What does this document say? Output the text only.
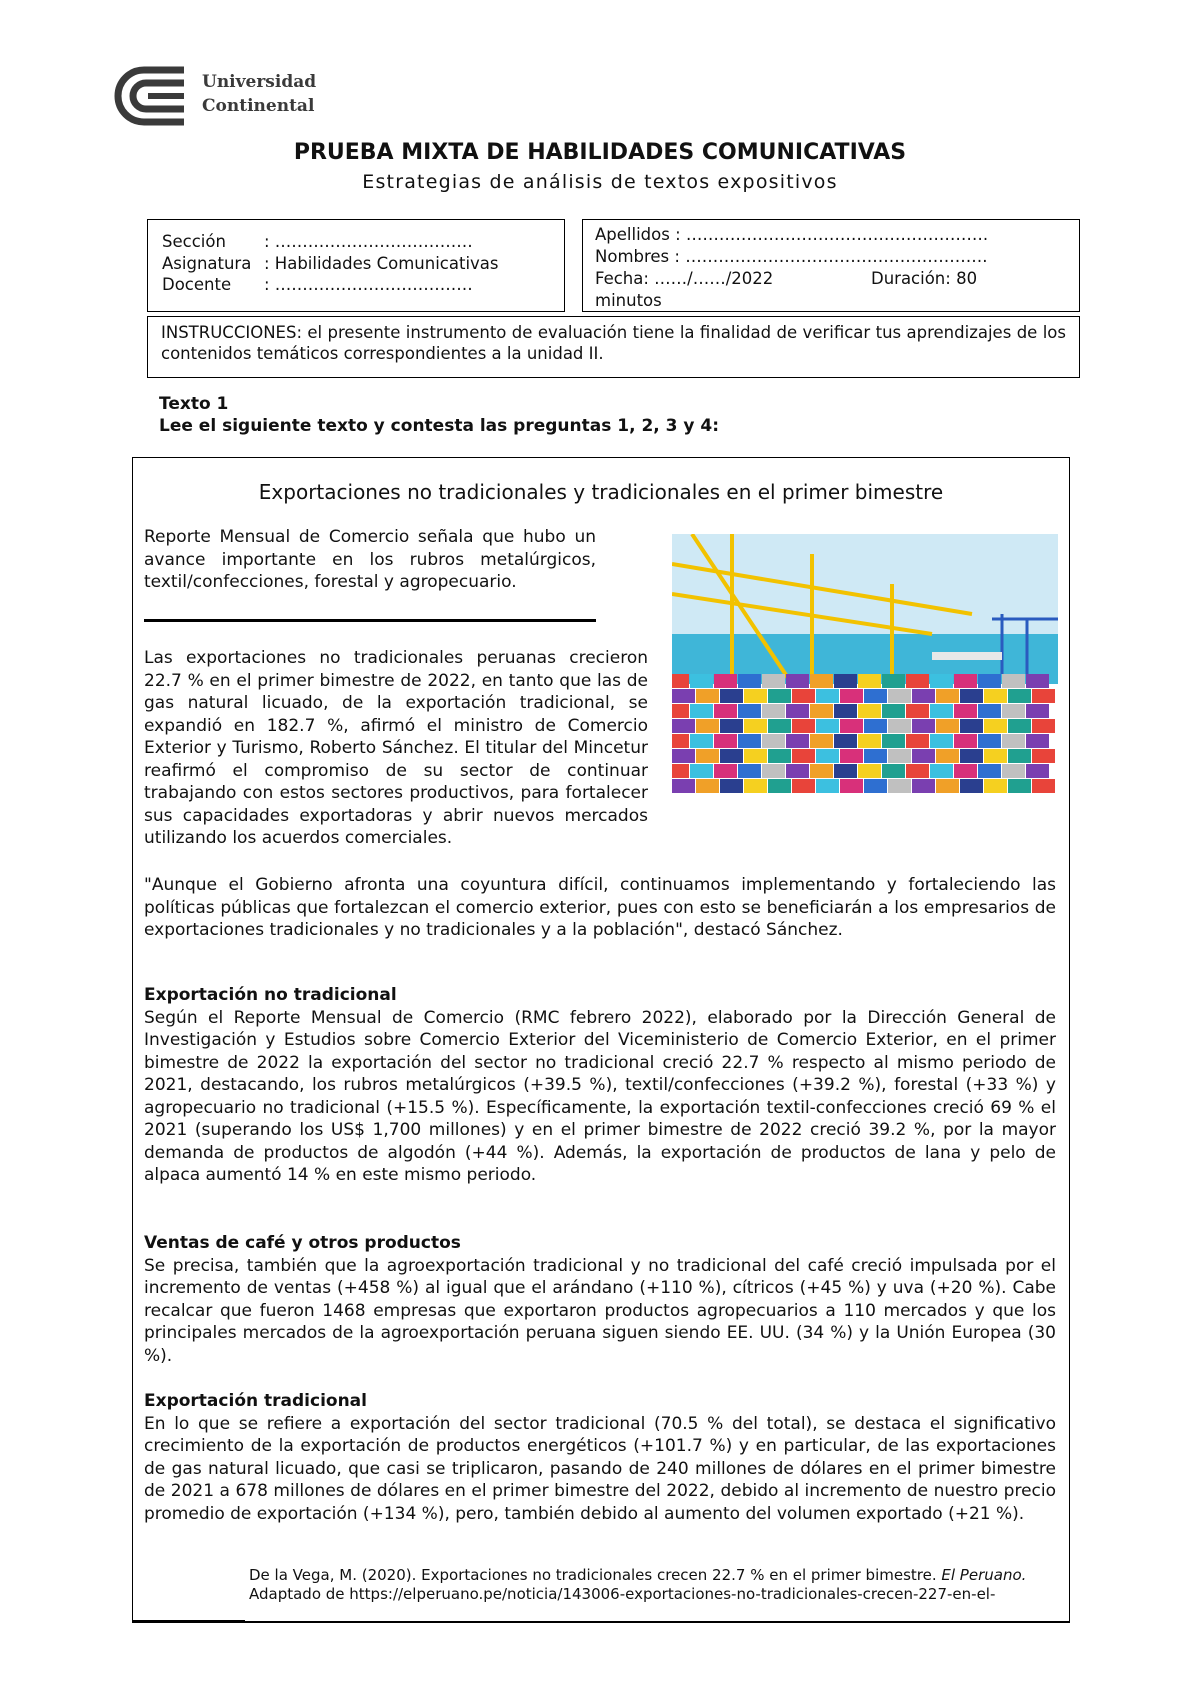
Universidad
Continental
PRUEBA MIXTA DE HABILIDADES COMUNICATIVAS
Estrategias de análisis de textos expositivos
Sección	: ………………………………
Asignatura : Habilidades Comunicativas
Docente	: ………………………………
Apellidos : ……………………………………………….
Nombres : ……………………………………………….
Fecha: ……/……/2022	Duración: 80
minutos
INSTRUCCIONES: el presente instrumento de evaluación tiene la finalidad de verificar tus aprendizajes de los contenidos temáticos correspondientes a la unidad II.
Texto 1
Lee el siguiente texto y contesta las preguntas 1, 2, 3 y 4:
Exportaciones no tradicionales y tradicionales en el primer bimestre
Reporte Mensual de Comercio señala que hubo un avance importante en los rubros metalúrgicos, textil/confecciones, forestal y agropecuario.
Las exportaciones no tradicionales peruanas crecieron 22.7 % en el primer bimestre de 2022, en tanto que las de gas natural licuado, de la exportación tradicional, se expandió en 182.7 %, afirmó el ministro de Comercio Exterior y Turismo, Roberto Sánchez. El titular del Mincetur reafirmó el compromiso de su sector de continuar trabajando con estos sectores productivos, para fortalecer sus capacidades exportadoras y abrir nuevos mercados utilizando los acuerdos comerciales.
"Aunque el Gobierno afronta una coyuntura difícil, continuamos implementando y fortaleciendo las políticas públicas que fortalezcan el comercio exterior, pues con esto se beneficiarán a los empresarios de exportaciones tradicionales y no tradicionales y a la población", destacó Sánchez.
Exportación no tradicional
Según el Reporte Mensual de Comercio (RMC febrero 2022), elaborado por la Dirección General de Investigación y Estudios sobre Comercio Exterior del Viceministerio de Comercio Exterior, en el primer bimestre de 2022 la exportación del sector no tradicional creció 22.7 % respecto al mismo periodo de 2021, destacando, los rubros metalúrgicos (+39.5 %), textil/confecciones (+39.2 %), forestal (+33 %) y agropecuario no tradicional (+15.5 %). Específicamente, la exportación textil-confecciones creció 69 % el 2021 (superando los US$ 1,700 millones) y en el primer bimestre de 2022 creció 39.2 %, por la mayor demanda de productos de algodón (+44 %). Además, la exportación de productos de lana y pelo de alpaca aumentó 14 % en este mismo periodo.
Ventas de café y otros productos
Se precisa, también que la agroexportación tradicional y no tradicional del café creció impulsada por el incremento de ventas (+458 %) al igual que el arándano (+110 %), cítricos (+45 %) y uva (+20 %). Cabe recalcar que fueron 1468 empresas que exportaron productos agropecuarios a 110 mercados y que los principales mercados de la agroexportación peruana siguen siendo EE. UU. (34 %) y la Unión Europea (30 %).
Exportación tradicional
En lo que se refiere a exportación del sector tradicional (70.5 % del total), se destaca el significativo crecimiento de la exportación de productos energéticos (+101.7 %) y en particular, de las exportaciones de gas natural licuado, que casi se triplicaron, pasando de 240 millones de dólares en el primer bimestre de 2021 a 678 millones de dólares en el primer bimestre del 2022, debido al incremento de nuestro precio promedio de exportación (+134 %), pero, también debido al aumento del volumen exportado (+21 %).
De la Vega, M. (2020). Exportaciones no tradicionales crecen 22.7 % en el primer bimestre. El Peruano.
Adaptado de https://elperuano.pe/noticia/143006-exportaciones-no-tradicionales-crecen-227-en-el-
